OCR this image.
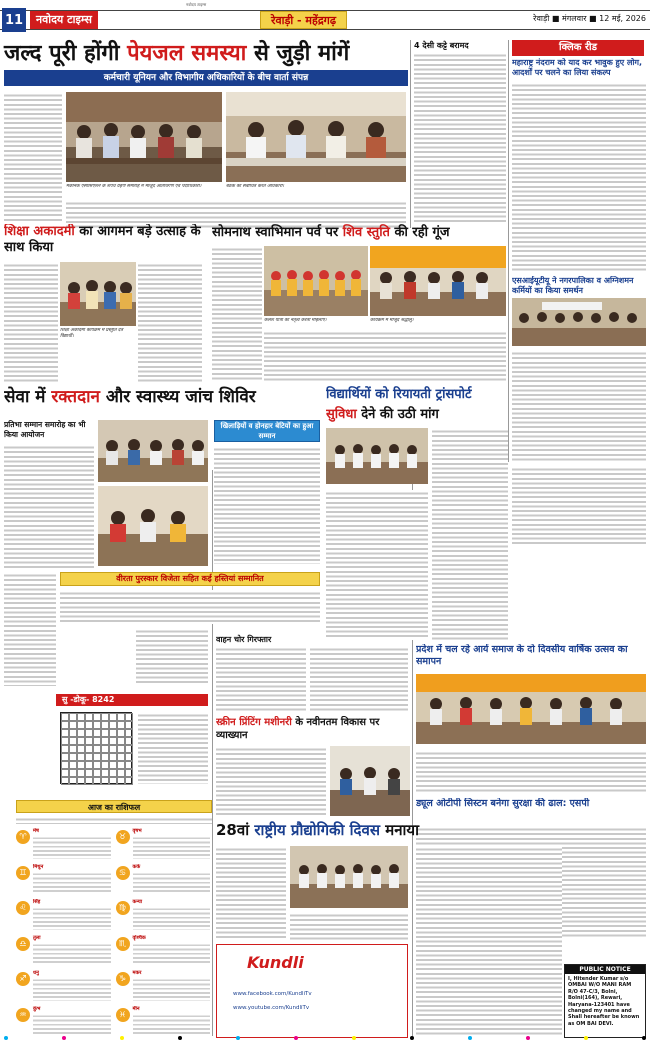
11	नवोदय टाइम्स
नवोदय टाइम्स
रेवाड़ी - महेंद्रगढ़	रेवाड़ी ■ मंगलवार ■ 12 मई, 2026
जल्द पूरी होंगी पेयजल समस्या से जुड़ी मांगें
कर्मचारी यूनियन और विभागीय अधिकारियों के बीच वार्ता संपन्न
मैकेनिक एसोसिएशन के शपथ ग्रहण समारोह में मौजूद अतिथिगण एवं पदाधिकारी।	बैठक को संबोधित करते अधिकारी।
4 देसी कट्टे बरामद	क्लिक रीड
महाराष्ट्र नंदराम को याद कर भावुक हुए लोग, आदर्शों पर चलने का लिया संकल्प
शिक्षा अकादमी का आगमन बड़े उत्साह के साथ किया
शिक्षा अकादमी कार्यक्रम में प्रस्तुति देते विद्यार्थी।
सोमनाथ स्वाभिमान पर्व पर शिव स्तुति की रही गूंज
कलश यात्रा का नेतृत्व करती महिलाएं।	कार्यक्रम में मौजूद श्रद्धालु।
एसआईयूटीयू ने नगरपालिका व अग्निशमन कर्मियों का किया समर्थन
सेवा में रक्तदान और स्वास्थ्य जांच शिविर
प्रतिभा सम्मान समारोह का भी किया आयोजन
खिलाड़ियों व होनहार बेटियों का हुआ सम्मान
विद्यार्थियों को रियायती ट्रांसपोर्ट
सुविधा देने की उठी मांग
वीरता पुरस्कार विजेता सहित कई हस्तियां सम्मानित
प्रदेश में चल रहे आर्य समाज के दो दिवसीय वार्षिक उत्सव का समापन
वाहन चोर गिरफ्तार
स्क्रीन प्रिंटिंग मशीनरी के नवीनतम विकास पर व्याख्यान
ड्यूल ओटीपी सिस्टम बनेगा सुरक्षा की ढाल: एसपी
28वां राष्ट्रीय प्रौद्योगिकी दिवस मनाया
सु -डोकू- 8242
आज का राशिफल
♈
मेष
♉
वृषभ
♊
मिथुन
♋
कर्क
♌
सिंह
♍
कन्या
♎
तुला
♏
वृश्चिक
♐
धनु
♑
मकर
♒
कुंभ
♓
मीन
Kundli
www.facebook.com/KundliTv
www.youtube.com/KundliTv
PUBLIC NOTICE
I, Hitender Kumar s/o OMBAI W/O MANI RAM R/O 47-C/3, Bolni, Bolni(164), Rewari, Haryana-123401 have changed my name and Shall hereafter be known as OM BAI DEVI.
